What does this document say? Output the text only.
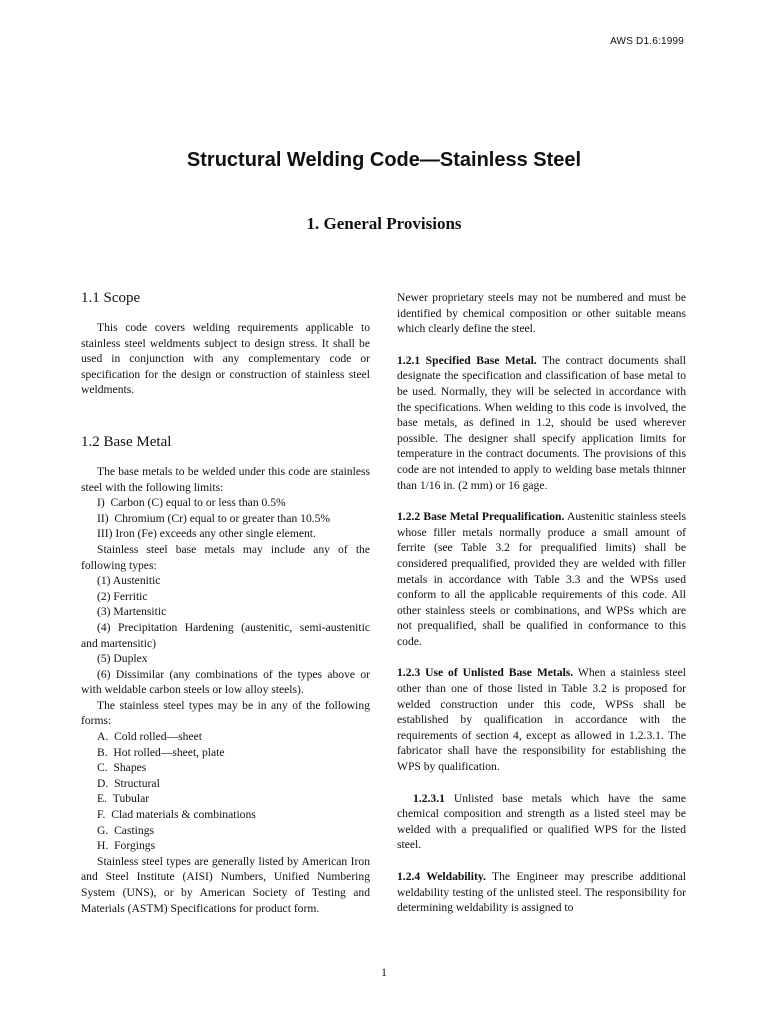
AWS D1.6:1999
Structural Welding Code—Stainless Steel
1. General Provisions
1.1 Scope

This code covers welding requirements applicable to stainless steel weldments subject to design stress. It shall be used in conjunction with any complementary code or specification for the design or construction of stainless steel weldments.

1.2 Base Metal

The base metals to be welded under this code are stainless steel with the following limits:

I)  Carbon (C) equal to or less than 0.5%

II)  Chromium (Cr) equal to or greater than 10.5%

III) Iron (Fe) exceeds any other single element.

Stainless steel base metals may include any of the following types:

(1) Austenitic

(2) Ferritic

(3) Martensitic

(4) Precipitation Hardening (austenitic, semi-austenitic and martensitic)

(5) Duplex

(6) Dissimilar (any combinations of the types above or with weldable carbon steels or low alloy steels).

The stainless steel types may be in any of the following forms:

A.  Cold rolled—sheet

B.  Hot rolled—sheet, plate

C.  Shapes

D.  Structural

E.  Tubular

F.  Clad materials & combinations

G.  Castings

H.  Forgings

Stainless steel types are generally listed by American Iron and Steel Institute (AISI) Numbers, Unified Numbering System (UNS), or by American Society of Testing and Materials (ASTM) Specifications for product form.

Newer proprietary steels may not be numbered and must be identified by chemical composition or other suitable means which clearly define the steel.

1.2.1 Specified Base Metal. The contract documents shall designate the specification and classification of base metal to be used. Normally, they will be selected in accordance with the specifications. When welding to this code is involved, the base metals, as defined in 1.2, should be used wherever possible. The designer shall specify application limits for temperature in the contract documents. The provisions of this code are not intended to apply to welding base metals thinner than 1/16 in. (2 mm) or 16 gage.

1.2.2 Base Metal Prequalification. Austenitic stainless steels whose filler metals normally produce a small amount of ferrite (see Table 3.2 for prequalified limits) shall be considered prequalified, provided they are welded with filler metals in accordance with Table 3.3 and the WPSs used conform to all the applicable requirements of this code. All other stainless steels or combinations, and WPSs which are not prequalified, shall be qualified in conformance to this code.

1.2.3 Use of Unlisted Base Metals. When a stainless steel other than one of those listed in Table 3.2 is proposed for welded construction under this code, WPSs shall be established by qualification in accordance with the requirements of section 4, except as allowed in 1.2.3.1. The fabricator shall have the responsibility for establishing the WPS by qualification.

1.2.3.1 Unlisted base metals which have the same chemical composition and strength as a listed steel may be welded with a prequalified or qualified WPS for the listed steel.

1.2.4 Weldability. The Engineer may prescribe additional weldability testing of the unlisted steel. The responsibility for determining weldability is assigned to

1
